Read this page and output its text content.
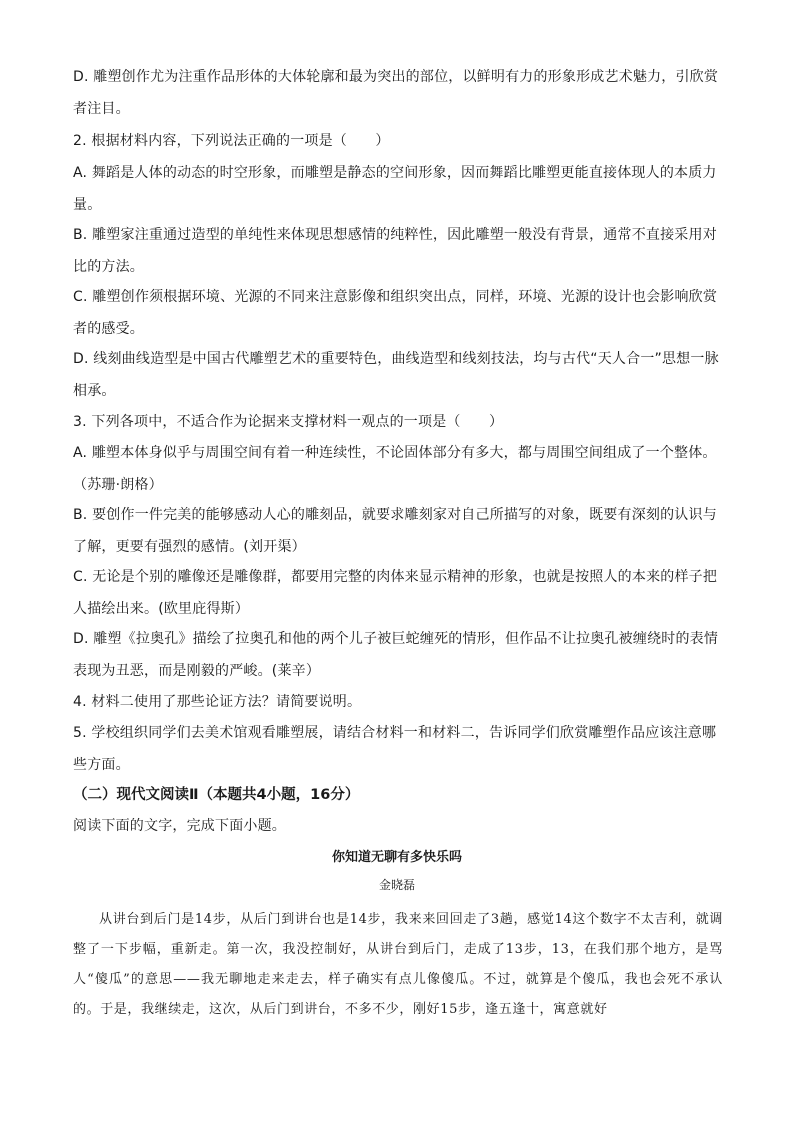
D. 雕塑创作尤为注重作品形体的大体轮廓和最为突出的部位，以鲜明有力的形象形成艺术魅力，引欣赏者注目。

2. 根据材料内容，下列说法正确的一项是（　　）

A. 舞蹈是人体的动态的时空形象，而雕塑是静态的空间形象，因而舞蹈比雕塑更能直接体现人的本质力量。

B. 雕塑家注重通过造型的单纯性来体现思想感情的纯粹性，因此雕塑一般没有背景，通常不直接采用对比的方法。

C. 雕塑创作须根据环境、光源的不同来注意影像和组织突出点，同样，环境、光源的设计也会影响欣赏者的感受。

D. 线刻曲线造型是中国古代雕塑艺术的重要特色，曲线造型和线刻技法，均与古代“天人合一”思想一脉相承。

3. 下列各项中，不适合作为论据来支撑材料一观点的一项是（　　）

A. 雕塑本体身似乎与周围空间有着一种连续性，不论固体部分有多大，都与周围空间组成了一个整体。（苏珊·朗格）

B. 要创作一件完美的能够感动人心的雕刻品，就要求雕刻家对自己所描写的对象，既要有深刻的认识与了解，更要有强烈的感情。(刘开渠）

C. 无论是个别的雕像还是雕像群，都要用完整的肉体来显示精神的形象，也就是按照人的本来的样子把人描绘出来。(欧里庇得斯）

D. 雕塑《拉奥孔》描绘了拉奥孔和他的两个儿子被巨蛇缠死的情形，但作品不让拉奥孔被缠绕时的表情表现为丑恶，而是刚毅的严峻。(莱辛）

4. 材料二使用了那些论证方法？请简要说明。

5. 学校组织同学们去美术馆观看雕塑展，请结合材料一和材料二，告诉同学们欣赏雕塑作品应该注意哪些方面。

（二）现代文阅读Ⅱ（本题共4小题，16分）

阅读下面的文字，完成下面小题。

你知道无聊有多快乐吗
金晓磊

从讲台到后门是14步，从后门到讲台也是14步，我来来回回走了3趟，感觉14这个数字不太吉利，就调整了一下步幅，重新走。第一次，我没控制好，从讲台到后门，走成了13步，13，在我们那个地方，是骂人“傻瓜”的意思——我无聊地走来走去，样子确实有点儿像傻瓜。不过，就算是个傻瓜，我也会死不承认的。于是，我继续走，这次，从后门到讲台，不多不少，刚好15步，逢五逢十，寓意就好
